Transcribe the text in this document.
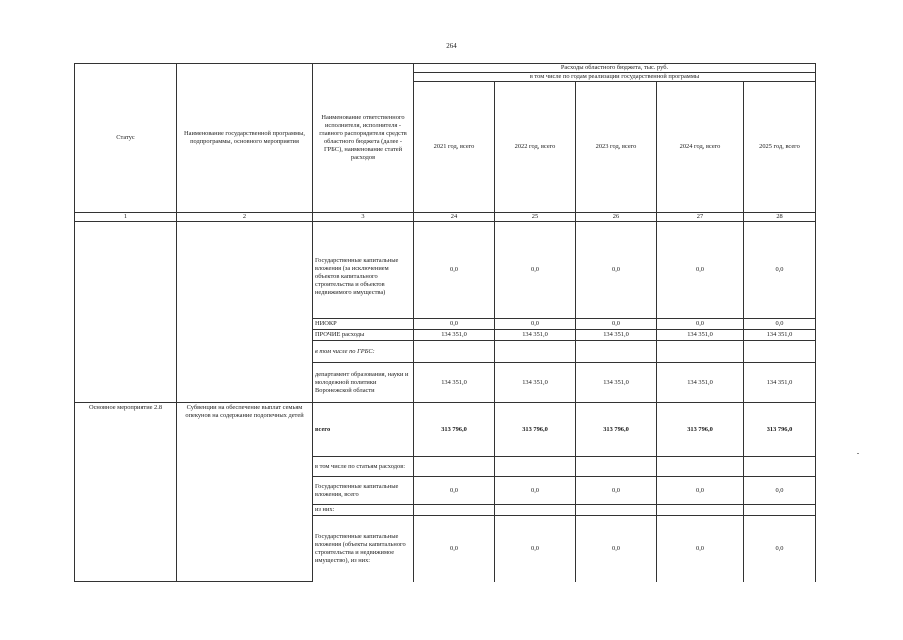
264
Статус	Наименование государственной программы, подпрограммы, основного мероприятия	Наименование ответственного исполнителя, исполнителя - главного распорядителя средств областного бюджета (далее - ГРБС), наименование статей расходов	Расходы областного бюджета, тыс. руб.				
			в том числе по годам реализации государственной программы				
			2021 год, всего	2022 год, всего	2023 год, всего	2024 год, всего	2025 год, всего
1	2	3	24	25	26	27	28
		Государственные капитальные вложения (за исключением объектов капитального строительства и объектов недвижимого имущества)	0,0	0,0	0,0	0,0	0,0
		НИОКР	0,0	0,0	0,0	0,0	0,0
		ПРОЧИЕ расходы	134 351,0	134 351,0	134 351,0	134 351,0	134 351,0
		в том числе по ГРБС:					
		департамент образования, науки и молодежной политики Воронежской области	134 351,0	134 351,0	134 351,0	134 351,0	134 351,0
Основное мероприятие 2.8	Субвенции на обеспечение выплат семьям опекунов на содержание подопечных детей	всего	313 796,0	313 796,0	313 796,0	313 796,0	313 796,0
		в том числе по статьям расходов:					
		Государственные капитальные вложения, всего	0,0	0,0	0,0	0,0	0,0
		из них:					
		Государственные капитальные вложения (объекты капитального строительства и недвижимое имущество), из них:	0,0	0,0	0,0	0,0	0,0
